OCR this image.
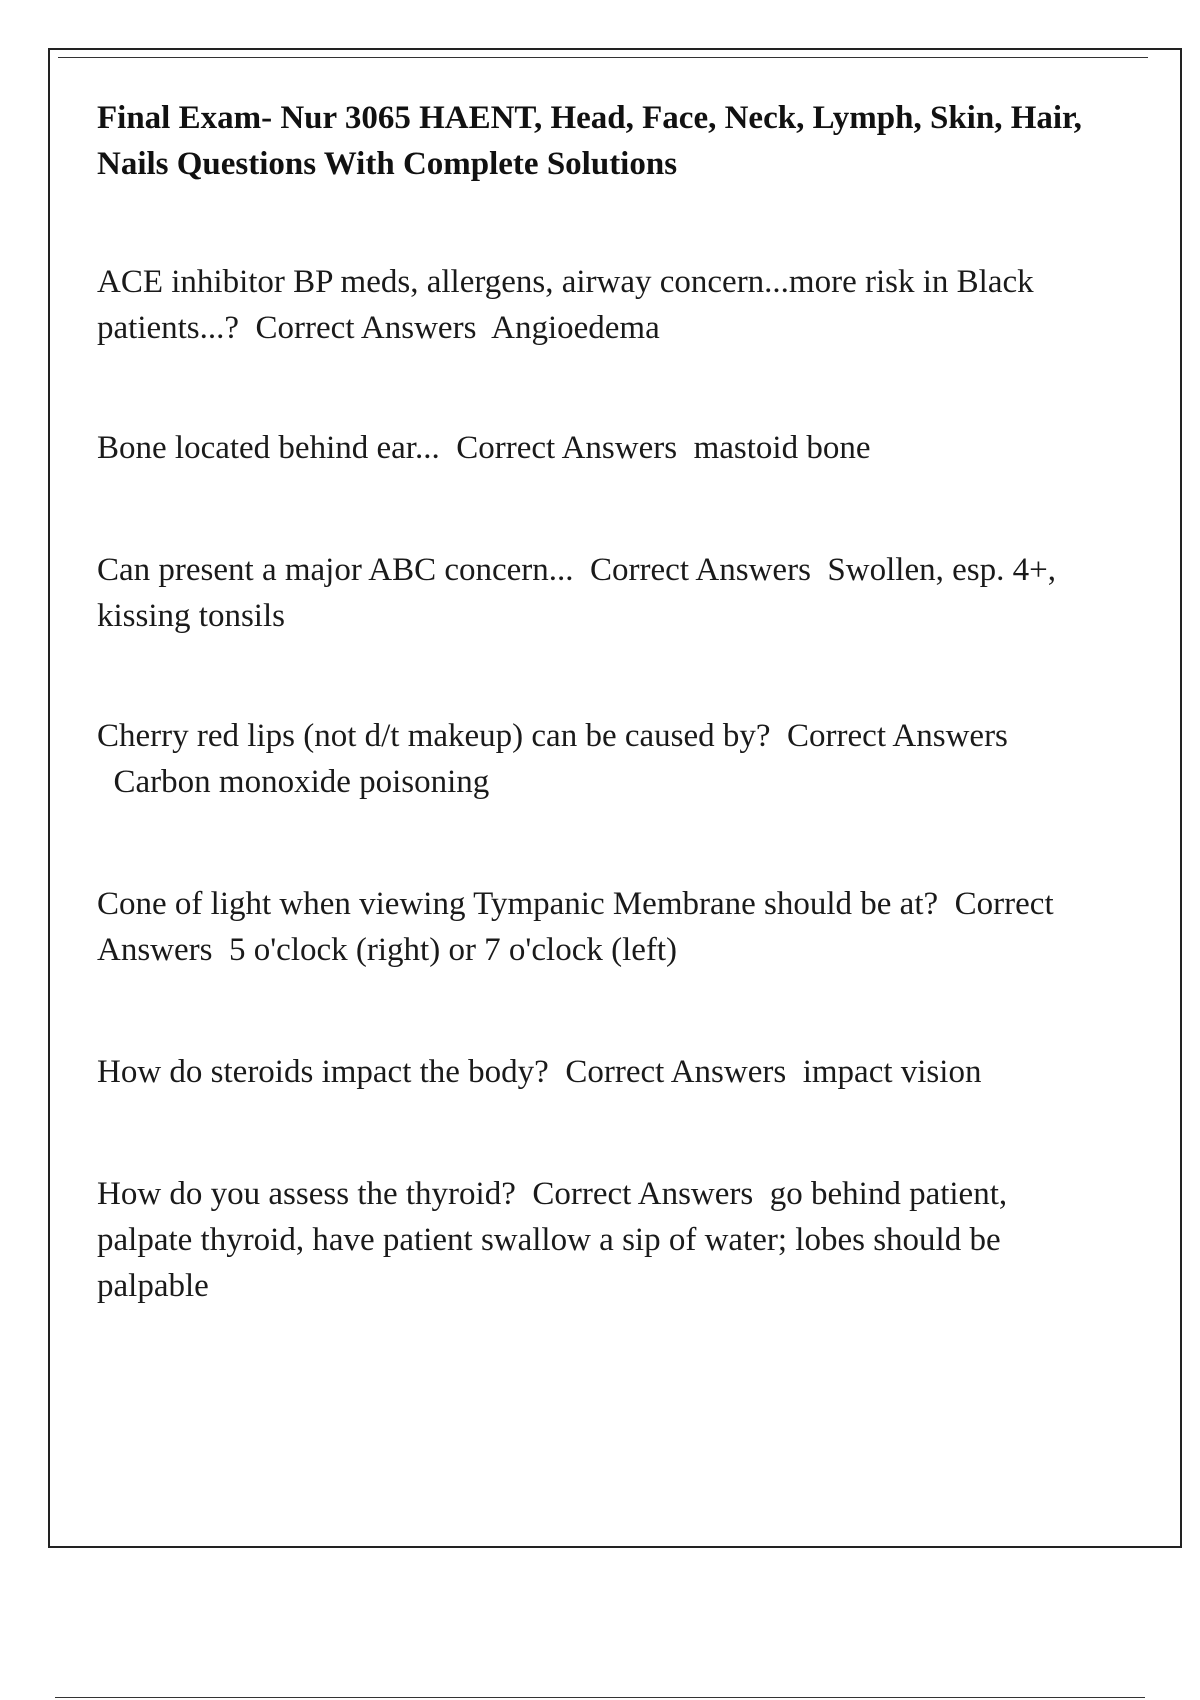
Final Exam- Nur 3065 HAENT, Head, Face, Neck, Lymph, Skin, Hair, Nails Questions With Complete Solutions
ACE inhibitor BP meds, allergens, airway concern...more risk in Black patients...? Correct Answers Angioedema
Bone located behind ear... Correct Answers mastoid bone
Can present a major ABC concern... Correct Answers Swollen, esp. 4+, kissing tonsils
Cherry red lips (not d/t makeup) can be caused by? Correct Answers  Carbon monoxide poisoning
Cone of light when viewing Tympanic Membrane should be at? Correct Answers 5 o'clock (right) or 7 o'clock (left)
How do steroids impact the body? Correct Answers impact vision
How do you assess the thyroid? Correct Answers go behind patient, palpate thyroid, have patient swallow a sip of water; lobes should be palpable
